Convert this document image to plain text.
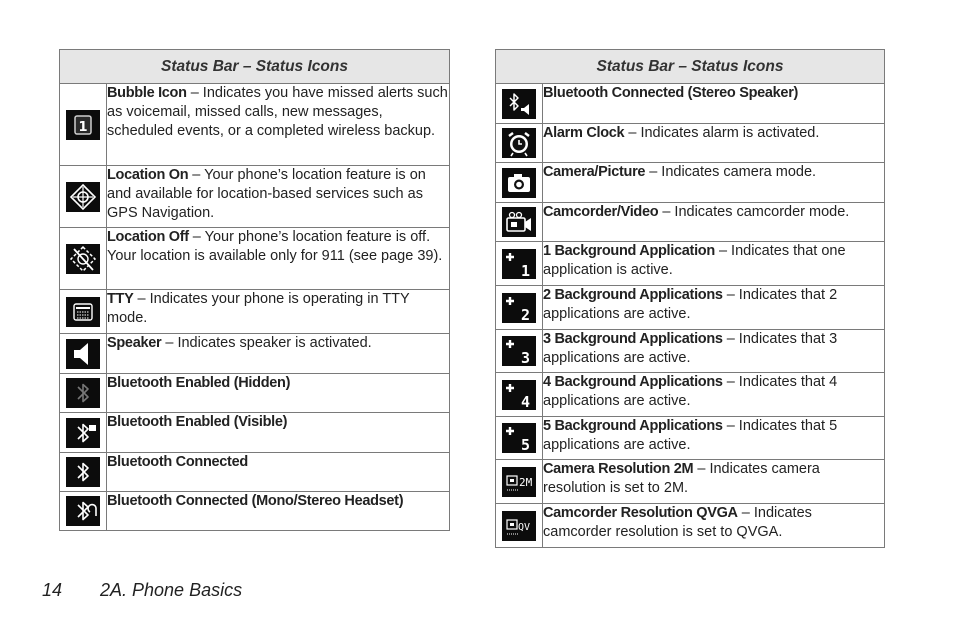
Status Bar – Status Icons	

1	Bubble Icon – Indicates you have missed alerts such as voicemail, missed calls, new messages, scheduled events, or a completed wireless backup.

	Location On – Your phone’s location feature is on and available for location-based services such as GPS Navigation.

	Location Off – Your phone’s location feature is off. Your location is available only for 911 (see page 39).

	TTY – Indicates your phone is operating in TTY mode.

	Speaker – Indicates speaker is activated.

	Bluetooth Enabled (Hidden)

	Bluetooth Enabled (Visible)

	Bluetooth Connected

	Bluetooth Connected (Mono/Stereo Headset)
Status Bar – Status Icons	

	Bluetooth Connected (Stereo Speaker)

	Alarm Clock – Indicates alarm is activated.

	Camera/Picture – Indicates camera mode.

	Camcorder/Video – Indicates camcorder mode.

1	1 Background Application – Indicates that one application is active.

2	2 Background Applications – Indicates that 2 applications are active.

3	3 Background Applications – Indicates that 3 applications are active.

4	4 Background Applications – Indicates that 4 applications are active.

5	5 Background Applications – Indicates that 5 applications are active.

2M	Camera Resolution 2M – Indicates camera resolution is set to 2M.

QV	Camcorder Resolution QVGA – Indicates camcorder resolution is set to QVGA.
14 2A. Phone Basics
